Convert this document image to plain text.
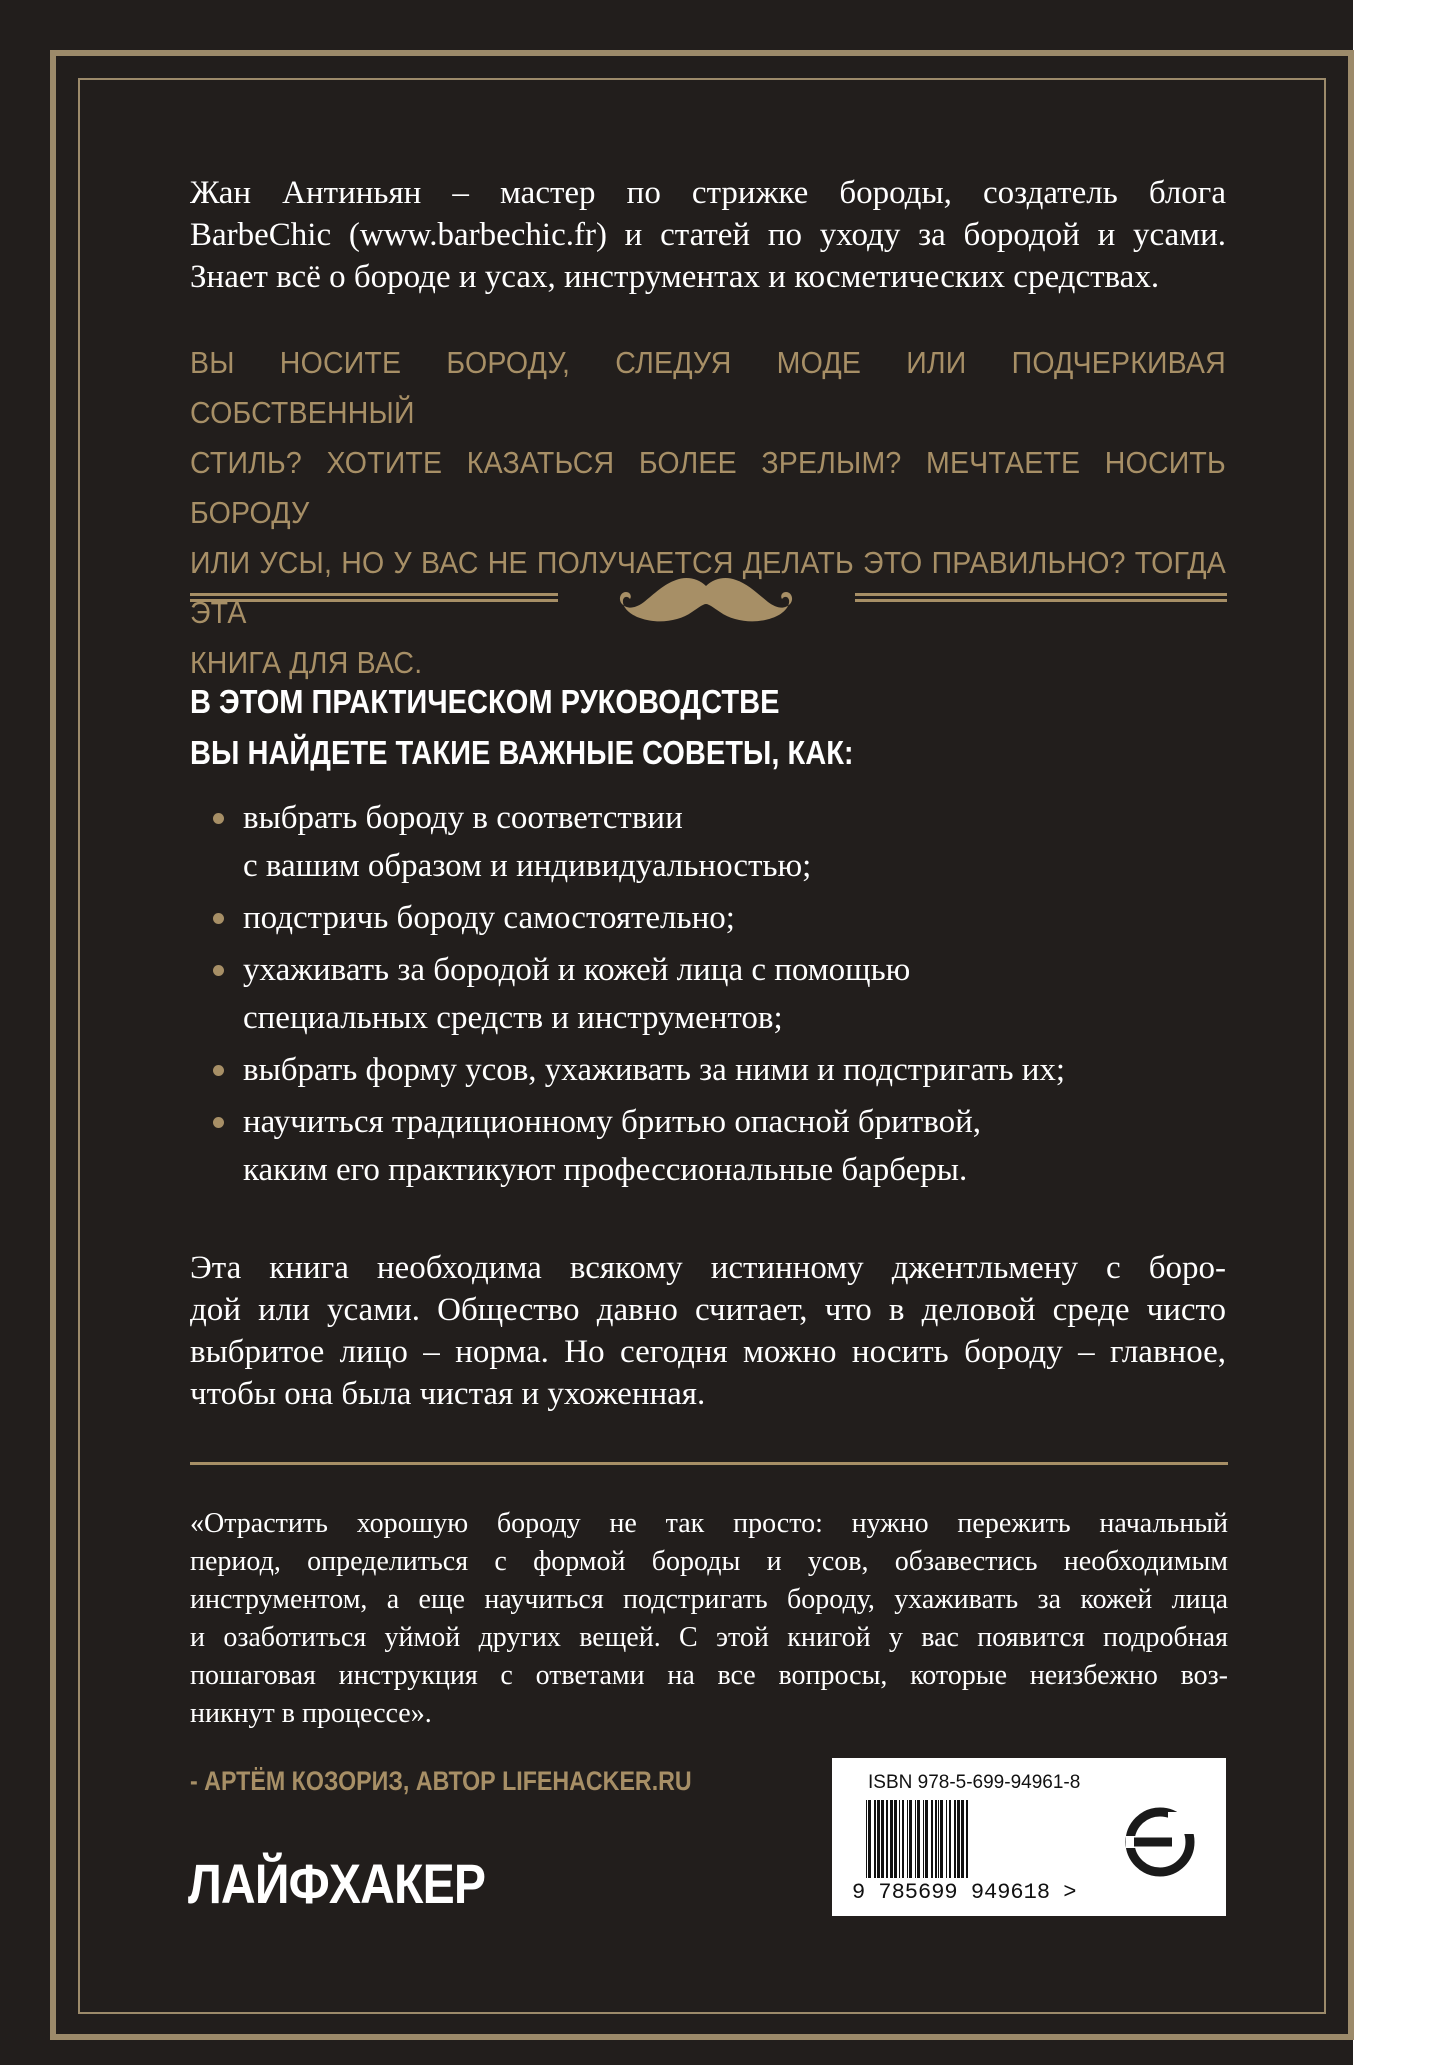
Жан Антиньян – мастер по стрижке бороды, создатель блога
BarbeChic (www.barbechic.fr) и статей по уходу за бородой и усами.
Знает всё о бороде и усах, инструментах и косметических средствах.

ВЫ НОСИТЕ БОРОДУ, СЛЕДУЯ МОДЕ ИЛИ ПОДЧЕРКИВАЯ СОБСТВЕННЫЙ
СТИЛЬ? ХОТИТЕ КАЗАТЬСЯ БОЛЕЕ ЗРЕЛЫМ? МЕЧТАЕТЕ НОСИТЬ БОРОДУ
ИЛИ УСЫ, НО У ВАС НЕ ПОЛУЧАЕТСЯ ДЕЛАТЬ ЭТО ПРАВИЛЬНО? ТОГДА ЭТА
КНИГА ДЛЯ ВАС.

В ЭТОМ ПРАКТИЧЕСКОМ РУКОВОДСТВЕ
ВЫ НАЙДЕТЕ ТАКИЕ ВАЖНЫЕ СОВЕТЫ, КАК:
выбрать бороду в соответствии
с вашим образом и индивидуальностью;
подстричь бороду самостоятельно;
ухаживать за бородой и кожей лица с помощью
специальных средств и инструментов;
выбрать форму усов, ухаживать за ними и подстригать их;
научиться традиционному бритью опасной бритвой,
каким его практикуют профессиональные барберы.

Эта книга необходима всякому истинному джентльмену с боро-
дой или усами. Общество давно считает, что в деловой среде чисто
выбритое лицо – норма. Но сегодня можно носить бороду – главное,
чтобы она была чистая и ухоженная.

«Отрастить хорошую бороду не так просто: нужно пережить начальный
период, определиться с формой бороды и усов, обзавестись необходимым
инструментом, а еще научиться подстригать бороду, ухаживать за кожей лица
и озаботиться уймой других вещей. С этой книгой у вас появится подробная
пошаговая инструкция с ответами на все вопросы, которые неизбежно воз-
никнут в процессе».

- АРТЁМ КОЗОРИЗ, АВТОР LIFEHACKER.RU
ЛАЙФХАКЕР
ISBN 978-5-699-94961-8
9 785699 949618 >
